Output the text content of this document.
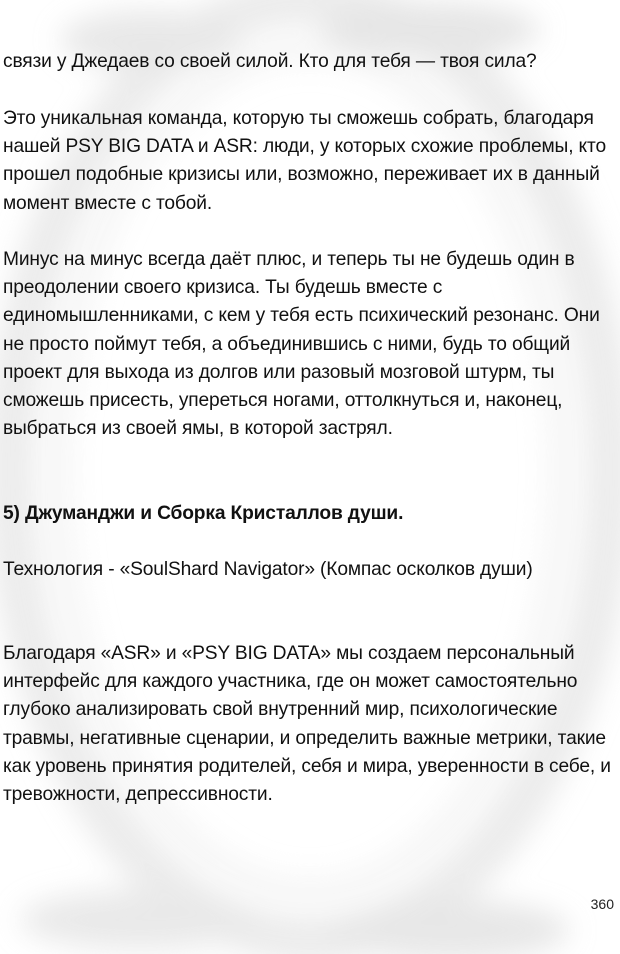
связи у Джедаев со своей силой. Кто для тебя — твоя сила?

Это уникальная команда, которую ты сможешь собрать, благодаря нашей PSY BIG DATA и ASR: люди, у которых схожие проблемы, кто прошел подобные кризисы или, возможно, переживает их в данный момент вместе с тобой.

Минус на минус всегда даёт плюс, и теперь ты не будешь один в преодолении своего кризиса. Ты будешь вместе с единомышленниками, с кем у тебя есть психический резонанс. Они не просто поймут тебя, а объединившись с ними, будь то общий проект для выхода из долгов или разовый мозговой штурм, ты сможешь присесть, упереться ногами, оттолкнуться и, наконец, выбраться из своей ямы, в которой застрял.

5) Джуманджи и Сборка Кристаллов души.

Технология - «SoulShard Navigator» (Компас осколков души)

Благодаря «ASR» и «PSY BIG DATA» мы создаем персональный интерфейс для каждого участника, где он может самостоятельно глубоко анализировать свой внутренний мир, психологические травмы, негативные сценарии, и определить важные метрики, такие как уровень принятия родителей, себя и мира, уверенности в себе, и тревожности, депрессивности.

360
